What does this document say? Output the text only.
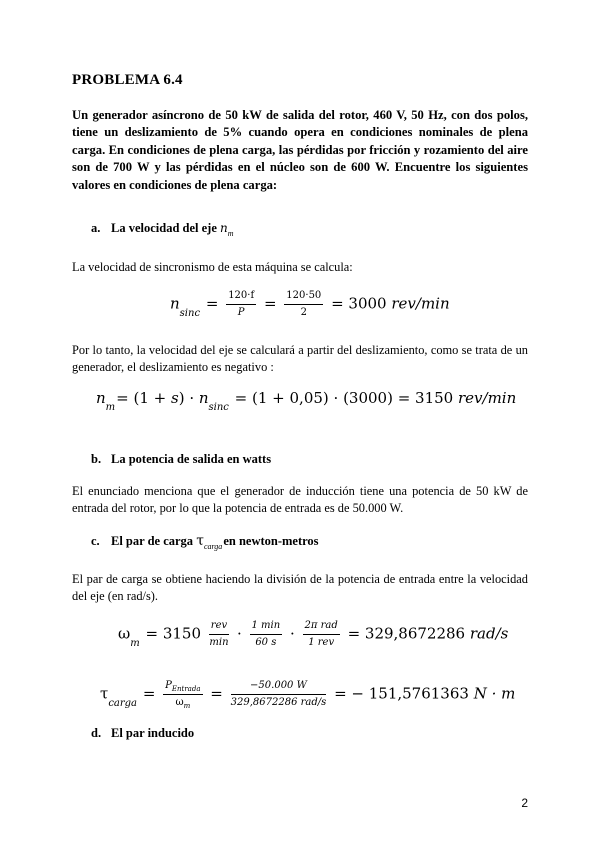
PROBLEMA 6.4
Un generador asíncrono de 50 kW de salida del rotor, 460 V, 50 Hz, con dos polos, tiene un deslizamiento de 5% cuando opera en condiciones nominales de plena carga. En condiciones de plena carga, las pérdidas por fricción y rozamiento del aire son de 700 W y las pérdidas en el núcleo son de 600 W. Encuentre los siguientes valores en condiciones de plena carga:
a. La velocidad del eje $n_m$
La velocidad de sincronismo de esta máquina se calcula:
$n_{sinc} = \frac{120\cdot f}{P} = \frac{120\cdot 50}{2} = 3000$ rev/min
Por lo tanto, la velocidad del eje se calculará a partir del deslizamiento, como se trata de un generador, el deslizamiento es negativo :
$n_m= (1 + s) \cdot n_{sinc} = (1 + 0,05) \cdot (3000) = 3150$ rev/min
b. La potencia de salida en watts
El enunciado menciona que el generador de inducción tiene una potencia de 50 kW de entrada del rotor, por lo que la potencia de entrada es de 50.000 W.
c. El par de carga $\tau_{carga}en$ newton-metros
El par de carga se obtiene haciendo la división de la potencia de entrada entre la velocidad del eje (en rad/s).
$\omega_m = 3150 \frac{\text{rev}}{\min} \cdot \frac{1 \min}{60 s} \cdot \frac{\text{2π rad}}{\text{1 rev}} = 329,8672286$ rad/s
$\tau_{carga} = \frac{P_{Entrada}}{\omega_m} = \frac{-50.000 W}{\text{329,8672286 rad/s}}$ = − 151,5761363 N · m
d. El par inducido
2
